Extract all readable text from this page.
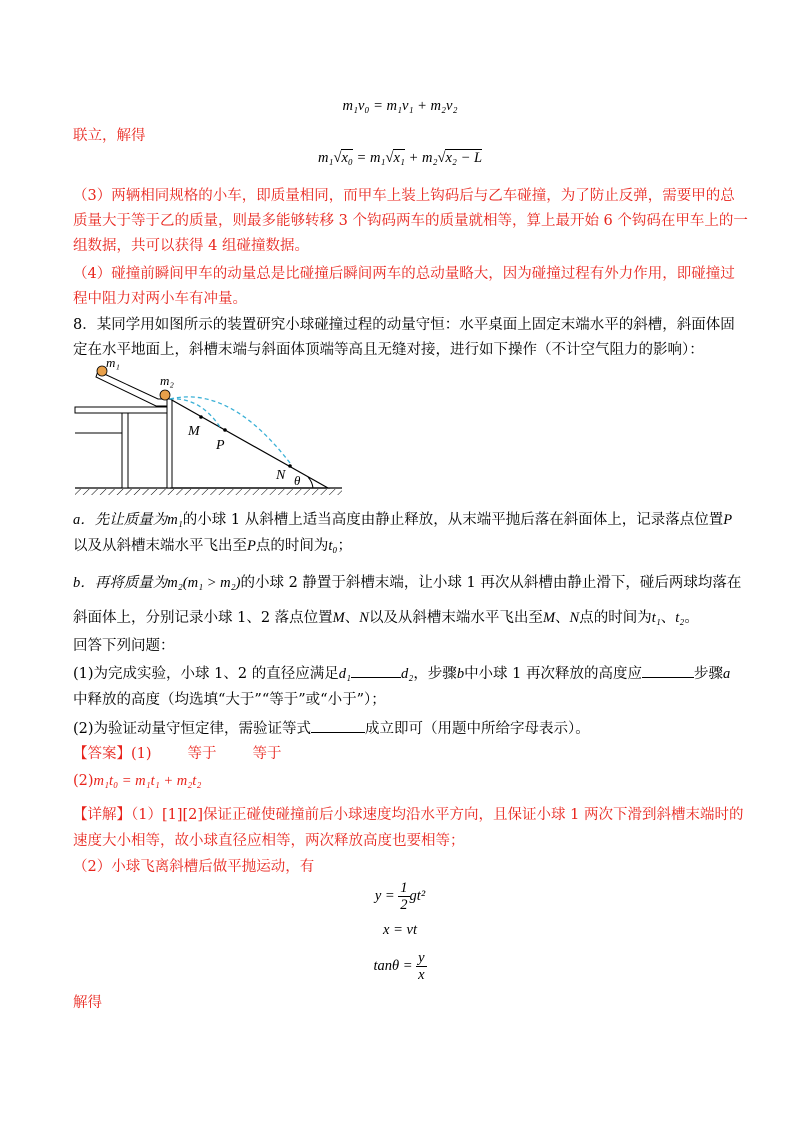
m₁v₀ = m₁v₁ + m₂v₂
联立，解得
m₁√x₀ = m₁√x₁ + m₂√x₂ − L
（3）两辆相同规格的小车，即质量相同，而甲车上装上钩码后与乙车碰撞，为了防止反弹，需要甲的总
质量大于等于乙的质量，则最多能够转移 3 个钩码两车的质量就相等，算上最开始 6 个钩码在甲车上的一
组数据，共可以获得 4 组碰撞数据。
（4）碰撞前瞬间甲车的动量总是比碰撞后瞬间两车的总动量略大，因为碰撞过程有外力作用，即碰撞过
程中阻力对两小车有冲量。
8．某同学用如图所示的装置研究小球碰撞过程的动量守恒：水平桌面上固定末端水平的斜槽，斜面体固
定在水平地面上，斜槽末端与斜面体顶端等高且无缝对接，进行如下操作（不计空气阻力的影响）：
m₁
m₂
M
P
N θ
a．先让质量为m₁的小球 1 从斜槽上适当高度由静止释放，从末端平抛后落在斜面体上，记录落点位置P
以及从斜槽末端水平飞出至P点的时间为t₀；
b．再将质量为m₂(m₁ > m₂)的小球 2 静置于斜槽末端，让小球 1 再次从斜槽由静止滑下，碰后两球均落在
斜面体上，分别记录小球 1、2 落点位置M、N以及从斜槽末端水平飞出至M、N点的时间为t₁、t₂。
回答下列问题：
(1)为完成实验，小球 1、2 的直径应满足d₁	d₂，步骤b中小球 1 再次释放的高度应	步骤a
中释放的高度（均选填“大于”“等于”或“小于”）；
(2)为验证动量守恒定律，需验证等式	成立即可（用题中所给字母表示）。
【答案】(1) 等于 等于
(2)m₁t₀ = m₁t₁ + m₂t₂
【详解】（1）[1][2]保证正碰使碰撞前后小球速度均沿水平方向，且保证小球 1 两次下滑到斜槽末端时的
速度大小相等，故小球直径应相等，两次释放高度也要相等；
（2）小球飞离斜槽后做平抛运动，有
$y = \frac{1}{2} gt^2$
x = vt
$\tan\theta = \frac{y}{x}$
解得
